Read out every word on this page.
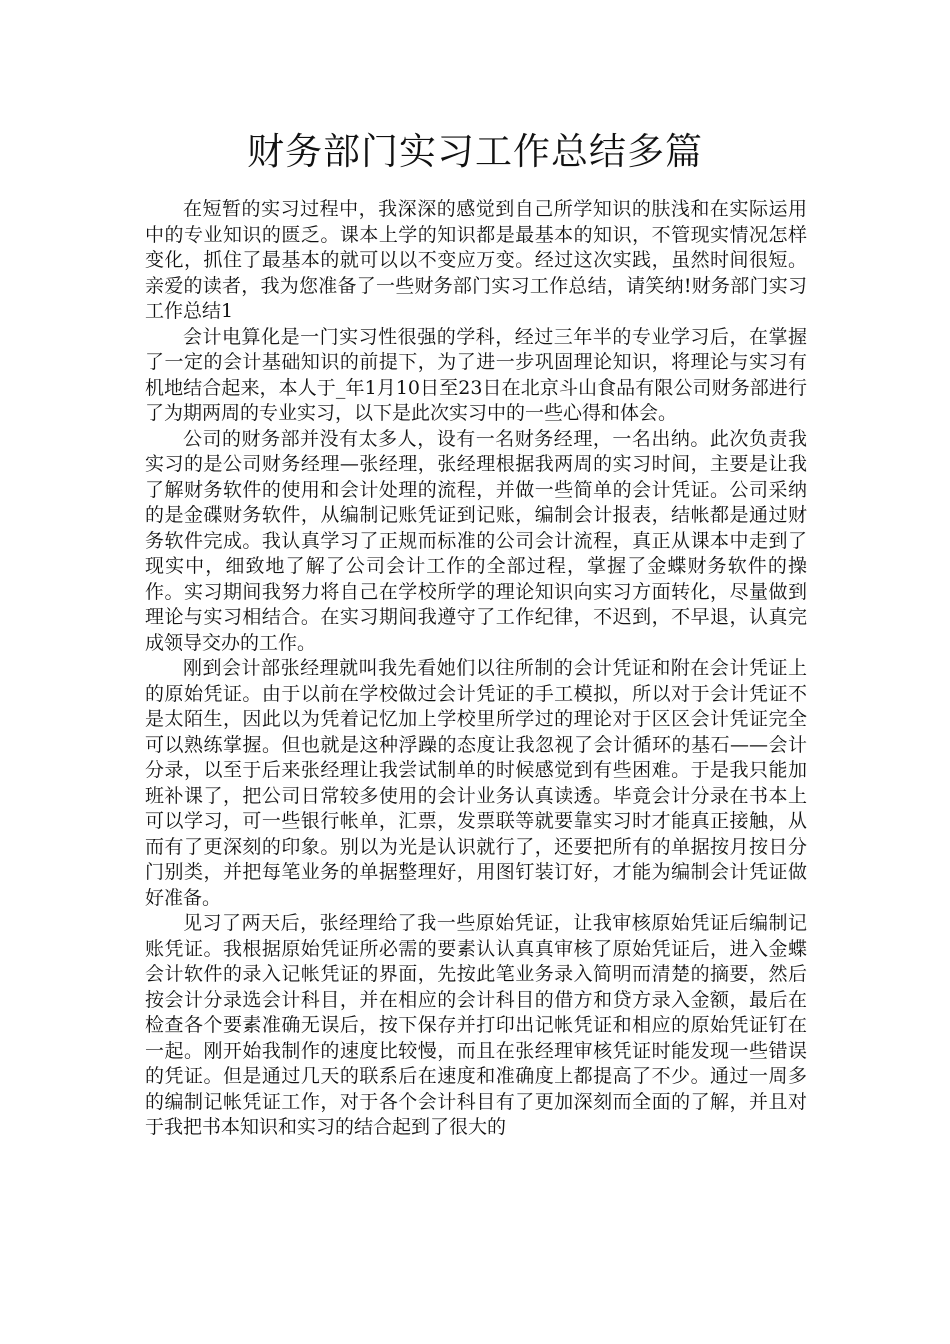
财务部门实习工作总结多篇

在短暂的实习过程中，我深深的感觉到自己所学知识的肤浅和在实际运用中的专业知识的匮乏。课本上学的知识都是最基本的知识，不管现实情况怎样变化，抓住了最基本的就可以以不变应万变。经过这次实践，虽然时间很短。亲爱的读者，我为您准备了一些财务部门实习工作总结，请笑纳!财务部门实习工作总结1

会计电算化是一门实习性很强的学科，经过三年半的专业学习后，在掌握了一定的会计基础知识的前提下，为了进一步巩固理论知识，将理论与实习有机地结合起来，本人于_年1月10日至23日在北京斗山食品有限公司财务部进行了为期两周的专业实习，以下是此次实习中的一些心得和体会。

公司的财务部并没有太多人，设有一名财务经理，一名出纳。此次负责我实习的是公司财务经理—张经理，张经理根据我两周的实习时间，主要是让我了解财务软件的使用和会计处理的流程，并做一些简单的会计凭证。公司采纳的是金碟财务软件，从编制记账凭证到记账，编制会计报表，结帐都是通过财务软件完成。我认真学习了正规而标准的公司会计流程，真正从课本中走到了现实中，细致地了解了公司会计工作的全部过程，掌握了金蝶财务软件的操作。实习期间我努力将自己在学校所学的理论知识向实习方面转化，尽量做到理论与实习相结合。在实习期间我遵守了工作纪律，不迟到，不早退，认真完成领导交办的工作。

刚到会计部张经理就叫我先看她们以往所制的会计凭证和附在会计凭证上的原始凭证。由于以前在学校做过会计凭证的手工模拟，所以对于会计凭证不是太陌生，因此以为凭着记忆加上学校里所学过的理论对于区区会计凭证完全可以熟练掌握。但也就是这种浮躁的态度让我忽视了会计循环的基石——会计分录，以至于后来张经理让我尝试制单的时候感觉到有些困难。于是我只能加班补课了，把公司日常较多使用的会计业务认真读透。毕竟会计分录在书本上可以学习，可一些银行帐单，汇票，发票联等就要靠实习时才能真正接触，从而有了更深刻的印象。别以为光是认识就行了，还要把所有的单据按月按日分门别类，并把每笔业务的单据整理好，用图钉装订好，才能为编制会计凭证做好准备。

见习了两天后，张经理给了我一些原始凭证，让我审核原始凭证后编制记账凭证。我根据原始凭证所必需的要素认认真真审核了原始凭证后，进入金蝶会计软件的录入记帐凭证的界面，先按此笔业务录入简明而清楚的摘要，然后按会计分录选会计科目，并在相应的会计科目的借方和贷方录入金额，最后在检查各个要素准确无误后，按下保存并打印出记帐凭证和相应的原始凭证钉在一起。刚开始我制作的速度比较慢，而且在张经理审核凭证时能发现一些错误的凭证。但是通过几天的联系后在速度和准确度上都提高了不少。通过一周多的编制记帐凭证工作，对于各个会计科目有了更加深刻而全面的了解，并且对于我把书本知识和实习的结合起到了很大的
